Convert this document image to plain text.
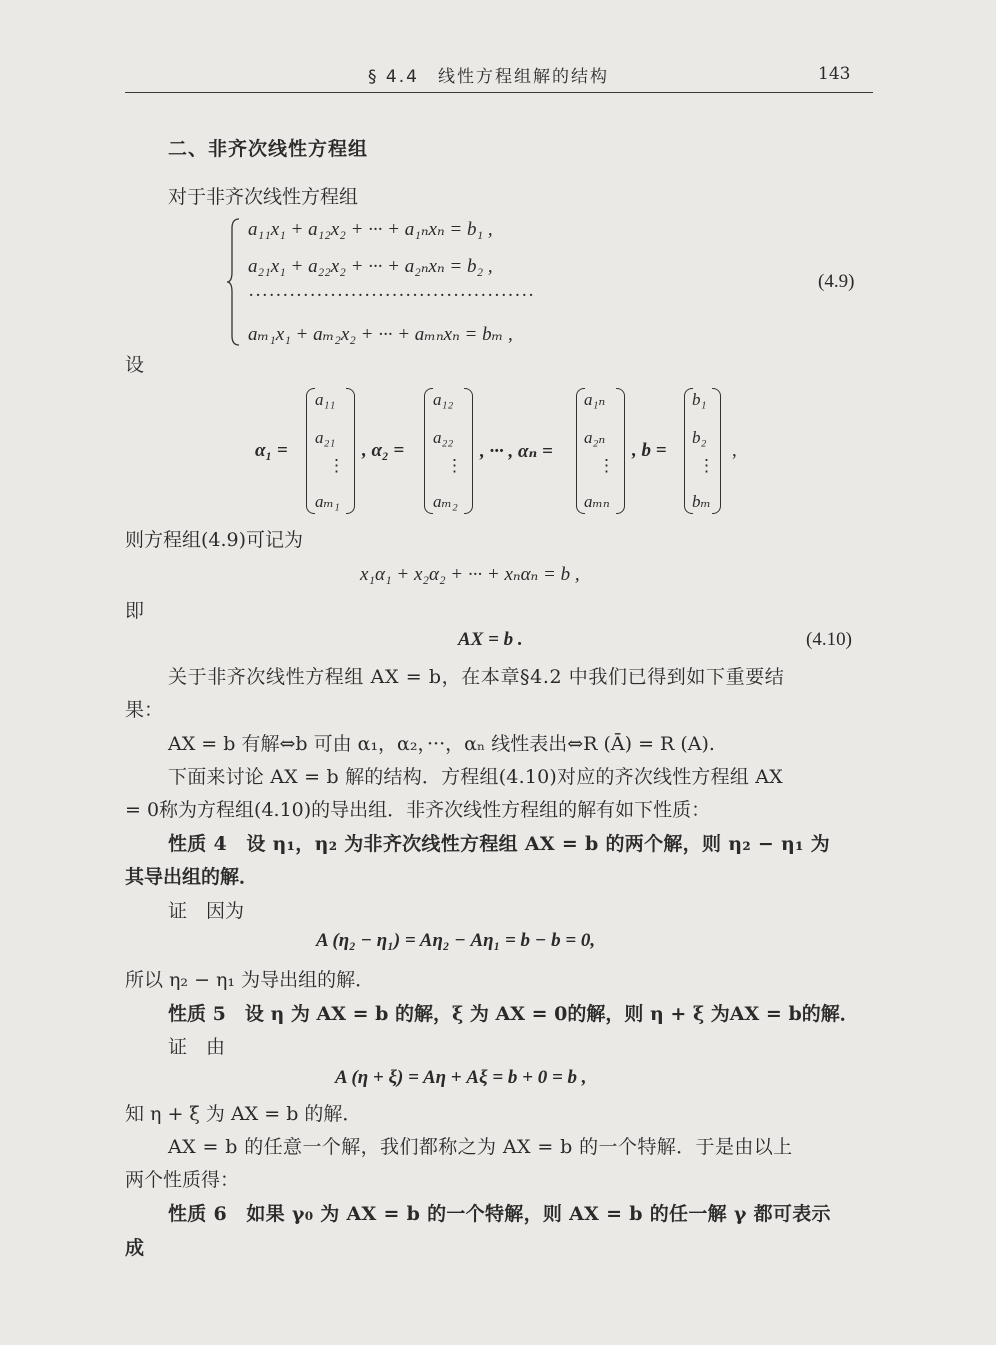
§ 4.4　线性方程组解的结构	143
二、非齐次线性方程组
对于非齐次线性方程组
a₁₁x₁ + a₁₂x₂ + ··· + a₁ₙxₙ = b₁ ,
a₂₁x₁ + a₂₂x₂ + ··· + a₂ₙxₙ = b₂ ,
··········································
aₘ₁x₁ + aₘ₂x₂ + ··· + aₘₙxₙ = bₘ ,
(4.9)
设
α₁ =
a₁₁
a₂₁
⋮
aₘ₁
, α₂ =
a₁₂
a₂₂
⋮
aₘ₂
, ··· , αₙ =
a₁ₙ
a₂ₙ
⋮
aₘₙ
, b =
b₁
b₂
⋮
bₘ
,
则方程组(4.9)可记为
x₁α₁ + x₂α₂ + ··· + xₙαₙ = b ,
即
AX = b .	(4.10)
关于非齐次线性方程组 AX = b，在本章§4.2 中我们已得到如下重要结
果：
AX = b 有解⇔b 可由 α₁，α₂，···，αₙ 线性表出⇔R (Ā) = R (A).
下面来讨论 AX = b 解的结构．方程组(4.10)对应的齐次线性方程组 AX
= 0称为方程组(4.10)的导出组．非齐次线性方程组的解有如下性质：
性质 4　设 η₁，η₂ 为非齐次线性方程组 AX = b 的两个解，则 η₂ − η₁ 为
其导出组的解．
证　因为
A (η₂ − η₁) = Aη₂ − Aη₁ = b − b = 0,
所以 η₂ − η₁ 为导出组的解．
性质 5　设 η 为 AX = b 的解，ξ 为 AX = 0的解，则 η + ξ 为AX = b的解．
证　由
A (η + ξ) = Aη + Aξ = b + 0 = b ,
知 η + ξ 为 AX = b 的解．
AX = b 的任意一个解，我们都称之为 AX = b 的一个特解．于是由以上
两个性质得：
性质 6　如果 γ₀ 为 AX = b 的一个特解，则 AX = b 的任一解 γ 都可表示
成
